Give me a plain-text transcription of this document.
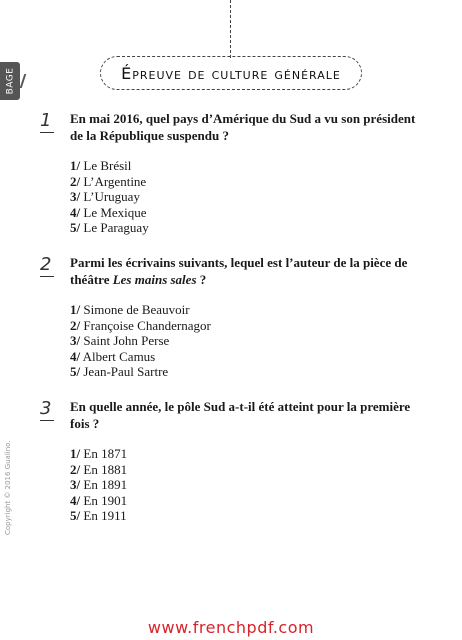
BAGE	Épreuve de culture générale
1	En mai 2016, quel pays d’Amérique du Sud a vu son président de la République suspendu ?
1/ Le Brésil
2/ L’Argentine
3/ L’Uruguay
4/ Le Mexique
5/ Le Paraguay
2	Parmi les écrivains suivants, lequel est l’auteur de la pièce de théâtre Les mains sales ?
1/ Simone de Beauvoir
2/ Françoise Chandernagor
3/ Saint John Perse
4/ Albert Camus
5/ Jean-Paul Sartre
3	En quelle année, le pôle Sud a-t-il été atteint pour la première fois ?
1/ En 1871
2/ En 1881
3/ En 1891
4/ En 1901
5/ En 1911
Copyright © 2016 Gualino.
www.frenchpdf.com
